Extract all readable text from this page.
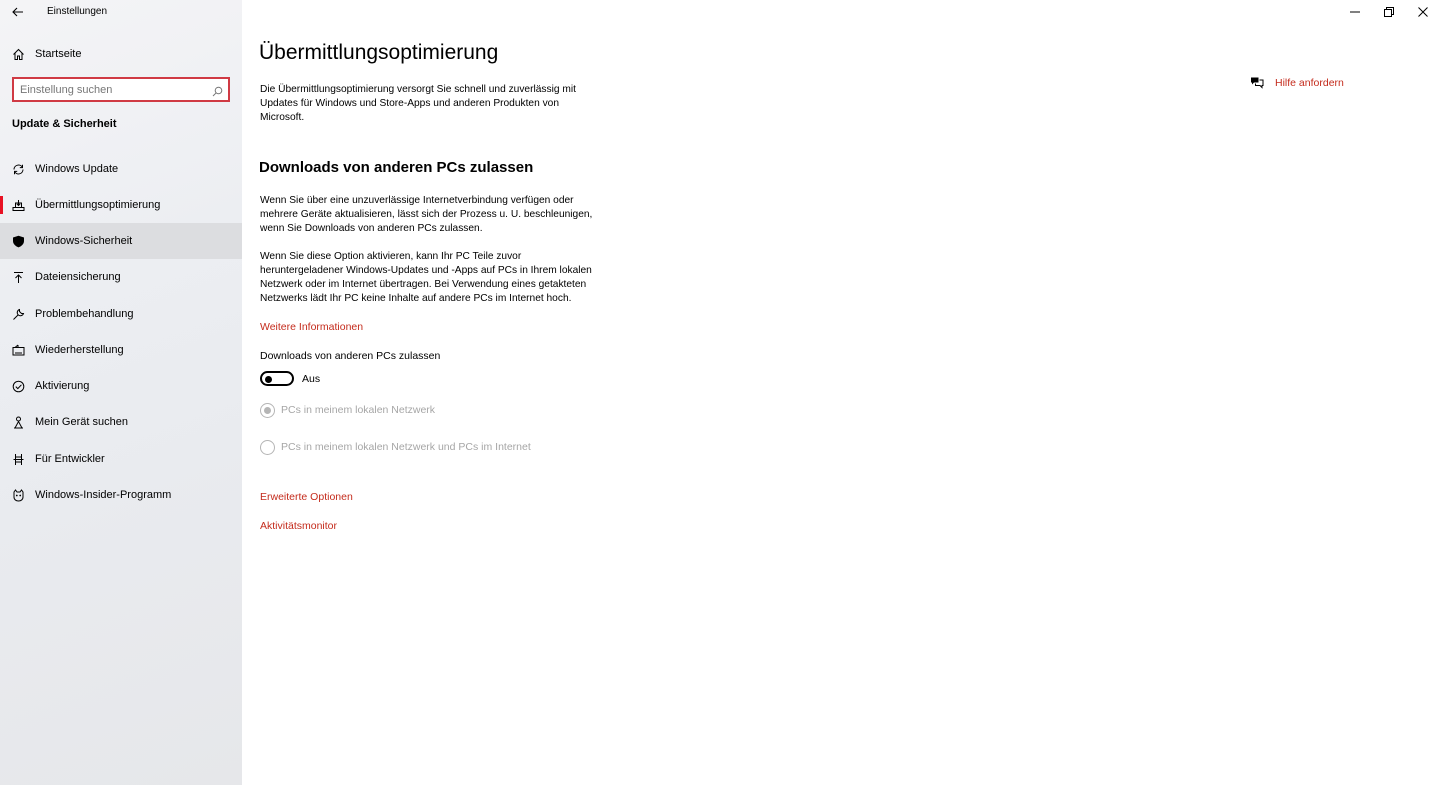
Einstellungen
Startseite
Einstellung suchen
Update & Sicherheit
Windows Update
Übermittlungsoptimierung
Windows-Sicherheit
Dateiensicherung
Problembehandlung
Wiederherstellung
Aktivierung
Mein Gerät suchen
Für Entwickler
Windows-Insider-Programm
Übermittlungsoptimierung

Die Übermittlungsoptimierung versorgt Sie schnell und zuverlässig mit Updates für Windows und Store-Apps und anderen Produkten von Microsoft.

Downloads von anderen PCs zulassen

Wenn Sie über eine unzuverlässige Internetverbindung verfügen oder mehrere Geräte aktualisieren, lässt sich der Prozess u. U. beschleunigen, wenn Sie Downloads von anderen PCs zulassen.

Wenn Sie diese Option aktivieren, kann Ihr PC Teile zuvor heruntergeladener Windows-Updates und -Apps auf PCs in Ihrem lokalen Netzwerk oder im Internet übertragen. Bei Verwendung eines getakteten Netzwerks lädt Ihr PC keine Inhalte auf andere PCs im Internet hoch.

Weitere Informationen
Downloads von anderen PCs zulassen
Aus
PCs in meinem lokalen Netzwerk
PCs in meinem lokalen Netzwerk und PCs im Internet
Erweiterte Optionen
Aktivitätsmonitor
Hilfe anfordern
